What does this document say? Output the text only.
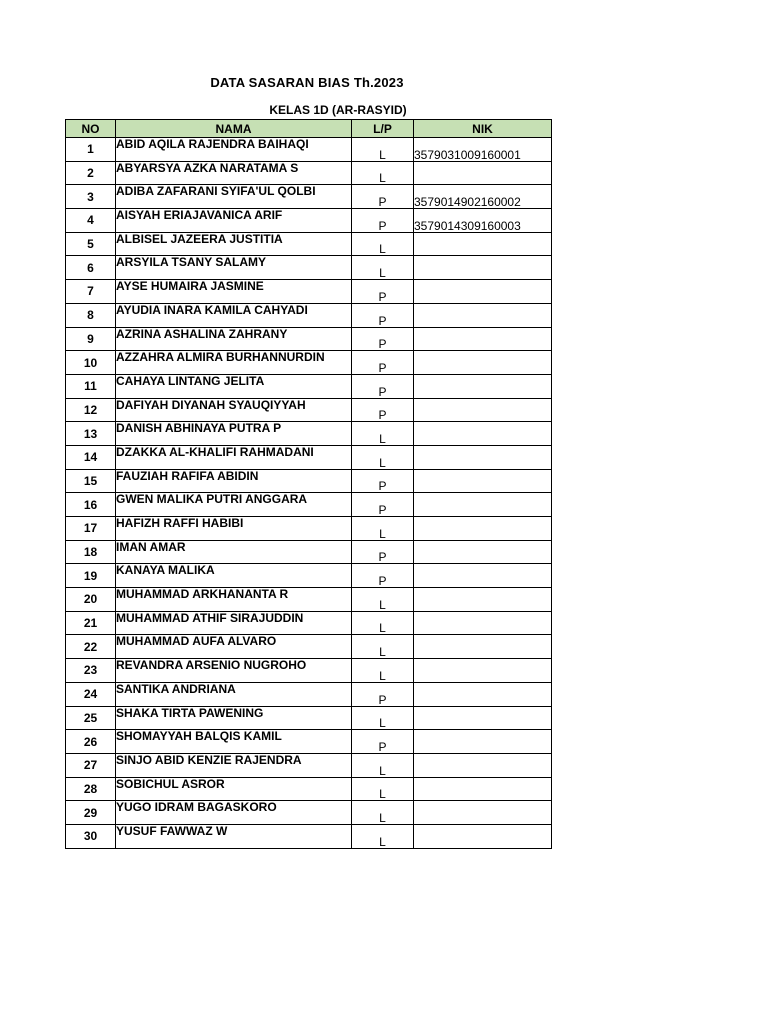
DATA SASARAN BIAS Th.2023
KELAS 1D (AR-RASYID)
NO	NAMA	L/P	NIK
1	ABID AQILA RAJENDRA BAIHAQI	L	3579031009160001
2	ABYARSYA AZKA NARATAMA S	L	
3	ADIBA ZAFARANI SYIFA'UL QOLBI	P	3579014902160002
4	AISYAH ERIAJAVANICA ARIF	P	3579014309160003
5	ALBISEL JAZEERA JUSTITIA	L	
6	ARSYILA TSANY SALAMY	L	
7	AYSE HUMAIRA JASMINE	P	
8	AYUDIA INARA KAMILA CAHYADI	P	
9	AZRINA ASHALINA ZAHRANY	P	
10	AZZAHRA ALMIRA BURHANNURDIN	P	
11	CAHAYA LINTANG JELITA	P	
12	DAFIYAH DIYANAH SYAUQIYYAH	P	
13	DANISH ABHINAYA PUTRA P	L	
14	DZAKKA AL-KHALIFI RAHMADANI	L	
15	FAUZIAH RAFIFA ABIDIN	P	
16	GWEN MALIKA PUTRI ANGGARA	P	
17	HAFIZH RAFFI HABIBI	L	
18	IMAN AMAR	P	
19	KANAYA MALIKA	P	
20	MUHAMMAD ARKHANANTA R	L	
21	MUHAMMAD ATHIF SIRAJUDDIN	L	
22	MUHAMMAD AUFA ALVARO	L	
23	REVANDRA ARSENIO NUGROHO	L	
24	SANTIKA ANDRIANA	P	
25	SHAKA TIRTA PAWENING	L	
26	SHOMAYYAH BALQIS KAMIL	P	
27	SINJO ABID KENZIE RAJENDRA	L	
28	SOBICHUL ASROR	L	
29	YUGO IDRAM BAGASKORO	L	
30	YUSUF FAWWAZ W	L	
